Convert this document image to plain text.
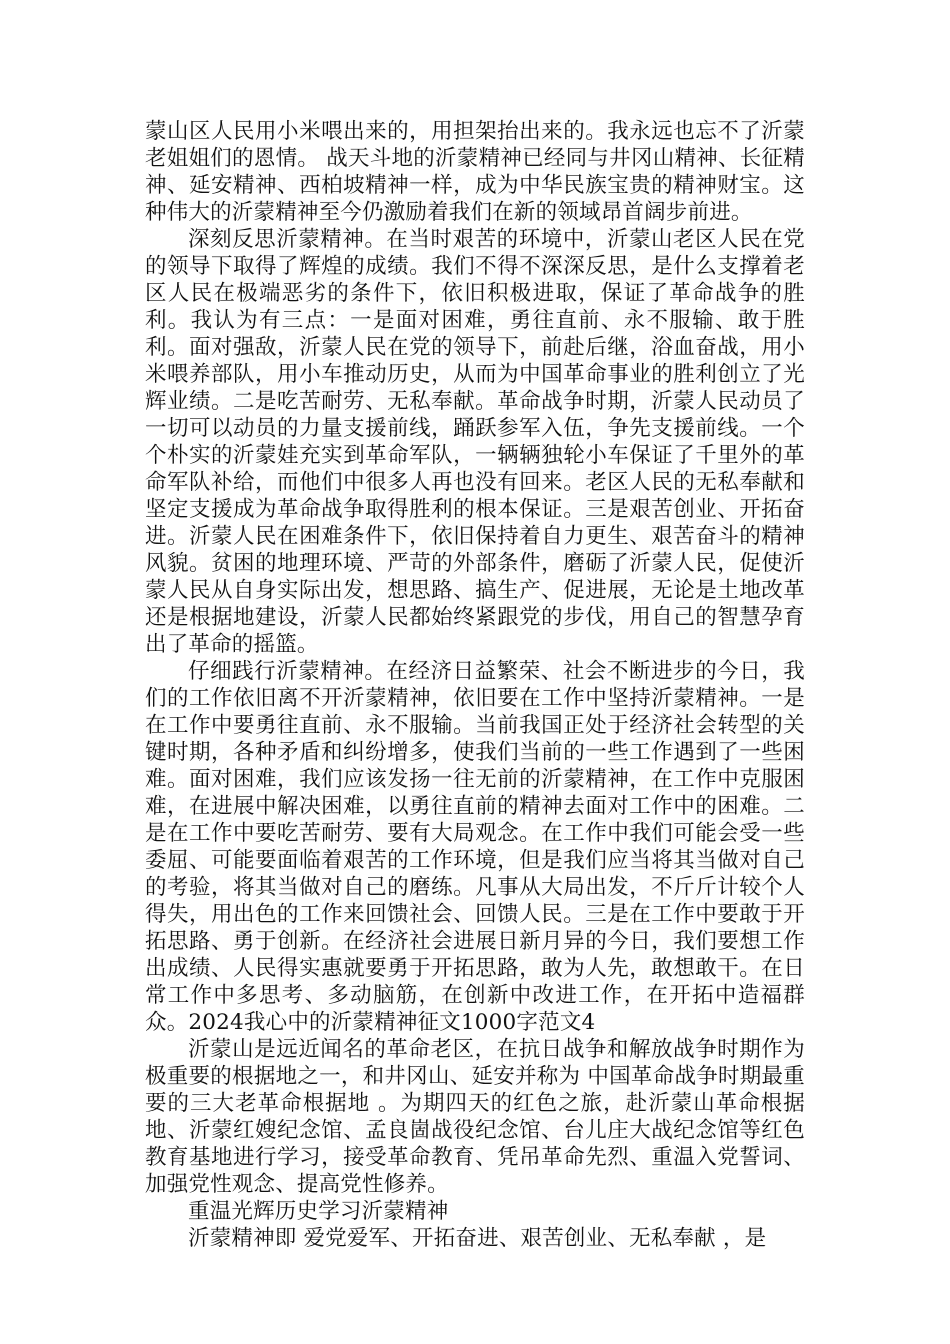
蒙山区人民用小米喂出来的，用担架抬出来的。我永远也忘不了沂蒙老姐姐们的恩情。 战天斗地的沂蒙精神已经同与井冈山精神、长征精神、延安精神、西柏坡精神一样，成为中华民族宝贵的精神财宝。这种伟大的沂蒙精神至今仍激励着我们在新的领域昂首阔步前进。

深刻反思沂蒙精神。在当时艰苦的环境中，沂蒙山老区人民在党的领导下取得了辉煌的成绩。我们不得不深深反思，是什么支撑着老区人民在极端恶劣的条件下，依旧积极进取，保证了革命战争的胜利。我认为有三点：一是面对困难，勇往直前、永不服输、敢于胜利。面对强敌，沂蒙人民在党的领导下，前赴后继，浴血奋战，用小米喂养部队，用小车推动历史，从而为中国革命事业的胜利创立了光辉业绩。二是吃苦耐劳、无私奉献。革命战争时期，沂蒙人民动员了一切可以动员的力量支援前线，踊跃参军入伍，争先支援前线。一个个朴实的沂蒙娃充实到革命军队，一辆辆独轮小车保证了千里外的革命军队补给，而他们中很多人再也没有回来。老区人民的无私奉献和坚定支援成为革命战争取得胜利的根本保证。三是艰苦创业、开拓奋进。沂蒙人民在困难条件下，依旧保持着自力更生、艰苦奋斗的精神风貌。贫困的地理环境、严苛的外部条件，磨砺了沂蒙人民，促使沂蒙人民从自身实际出发，想思路、搞生产、促进展，无论是土地改革还是根据地建设，沂蒙人民都始终紧跟党的步伐，用自己的智慧孕育出了革命的摇篮。

仔细践行沂蒙精神。在经济日益繁荣、社会不断进步的今日，我们的工作依旧离不开沂蒙精神，依旧要在工作中坚持沂蒙精神。一是在工作中要勇往直前、永不服输。当前我国正处于经济社会转型的关键时期，各种矛盾和纠纷增多，使我们当前的一些工作遇到了一些困难。面对困难，我们应该发扬一往无前的沂蒙精神，在工作中克服困难，在进展中解决困难，以勇往直前的精神去面对工作中的困难。二是在工作中要吃苦耐劳、要有大局观念。在工作中我们可能会受一些委屈、可能要面临着艰苦的工作环境，但是我们应当将其当做对自己的考验，将其当做对自己的磨练。凡事从大局出发，不斤斤计较个人得失，用出色的工作来回馈社会、回馈人民。三是在工作中要敢于开拓思路、勇于创新。在经济社会进展日新月异的今日，我们要想工作出成绩、人民得实惠就要勇于开拓思路，敢为人先，敢想敢干。在日常工作中多思考、多动脑筋，在创新中改进工作，在开拓中造福群众。2024我心中的沂蒙精神征文1000字范文4

沂蒙山是远近闻名的革命老区，在抗日战争和解放战争时期作为极重要的根据地之一，和井冈山、延安并称为 中国革命战争时期最重要的三大老革命根据地 。为期四天的红色之旅，赴沂蒙山革命根据地、沂蒙红嫂纪念馆、孟良崮战役纪念馆、台儿庄大战纪念馆等红色教育基地进行学习，接受革命教育、凭吊革命先烈、重温入党誓词、加强党性观念、提高党性修养。

重温光辉历史学习沂蒙精神

沂蒙精神即 爱党爱军、开拓奋进、艰苦创业、无私奉献 ，是
